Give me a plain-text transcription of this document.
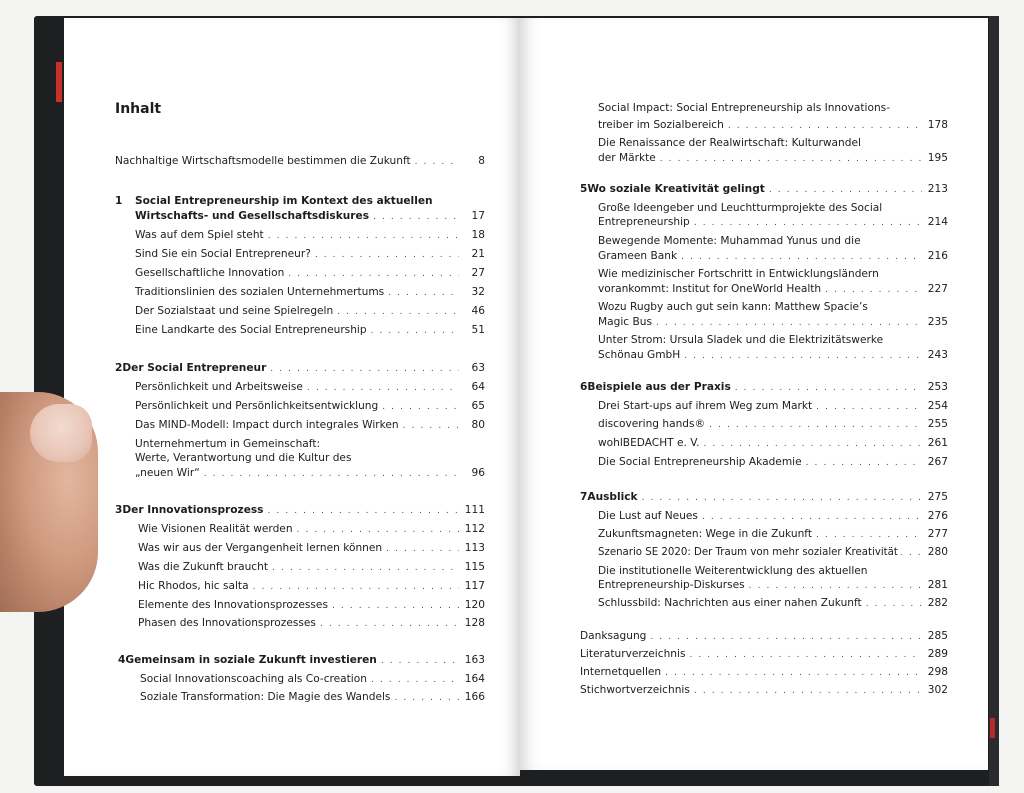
Inhalt
Nachhaltige Wirtschaftsmodelle bestimmen die Zukunft . . .	8
1 Social Entrepreneurship im Kontext des aktuellen
Wirtschafts- und Gesellschaftsdiskures . . .	17
Was auf dem Spiel steht . . .	18
Sind Sie ein Social Entrepreneur? . . .	21
Gesellschaftliche Innovation . . .	27
Traditionslinien des sozialen Unternehmertums . . .	32
Der Sozialstaat und seine Spielregeln . . .	46
Eine Landkarte des Social Entrepreneurship . . .	51
2 Der Social Entrepreneur . . .	63
Persönlichkeit und Arbeitsweise . . .	64
Persönlichkeit und Persönlichkeitsentwicklung . . .	65
Das MIND-Modell: Impact durch integrales Wirken . . .	80
Unternehmertum in Gemeinschaft:
Werte, Verantwortung und die Kultur des
„neuen Wir“ . . .	96
3 Der Innovationsprozess . . .	111
Wie Visionen Realität werden . . .	112
Was wir aus der Vergangenheit lernen können . . .	113
Was die Zukunft braucht . . .	115
Hic Rhodos, hic salta . . .	117
Elemente des Innovationsprozesses . . .	120
Phasen des Innovationsprozesses . . .	128
4 Gemeinsam in soziale Zukunft investieren . . .	163
Social Innovationscoaching als Co-creation . . .	164
Soziale Transformation: Die Magie des Wandels . . .	166
Social Impact: Social Entrepreneurship als Innovations-
treiber im Sozialbereich . . .	178
Die Renaissance der Realwirtschaft: Kulturwandel
der Märkte . . .	195
5 Wo soziale Kreativität gelingt . . .	213
Große Ideengeber und Leuchtturmprojekte des Social
Entrepreneurship . . .	214
Bewegende Momente: Muhammad Yunus und die
Grameen Bank . . .	216
Wie medizinischer Fortschritt in Entwicklungsländern
vorankommt: Institut for OneWorld Health . . .	227
Wozu Rugby auch gut sein kann: Matthew Spacie’s
Magic Bus . . .	235
Unter Strom: Ursula Sladek und die Elektrizitätswerke
Schönau GmbH . . .	243
6 Beispiele aus der Praxis . . .	253
Drei Start-ups auf ihrem Weg zum Markt . . .	254
discovering hands® . . .	255
wohlBEDACHT e. V. . . .	261
Die Social Entrepreneurship Akademie . . .	267
7 Ausblick . . .	275
Die Lust auf Neues . . .	276
Zukunftsmagneten: Wege in die Zukunft . . .	277
Szenario SE 2020: Der Traum von mehr sozialer Kreativität . . .	280
Die institutionelle Weiterentwicklung des aktuellen
Entrepreneurship-Diskurses . . .	281
Schlussbild: Nachrichten aus einer nahen Zukunft . . .	282
Danksagung . . .	285
Literaturverzeichnis . . .	289
Internetquellen . . .	298
Stichwortverzeichnis . . .	302
